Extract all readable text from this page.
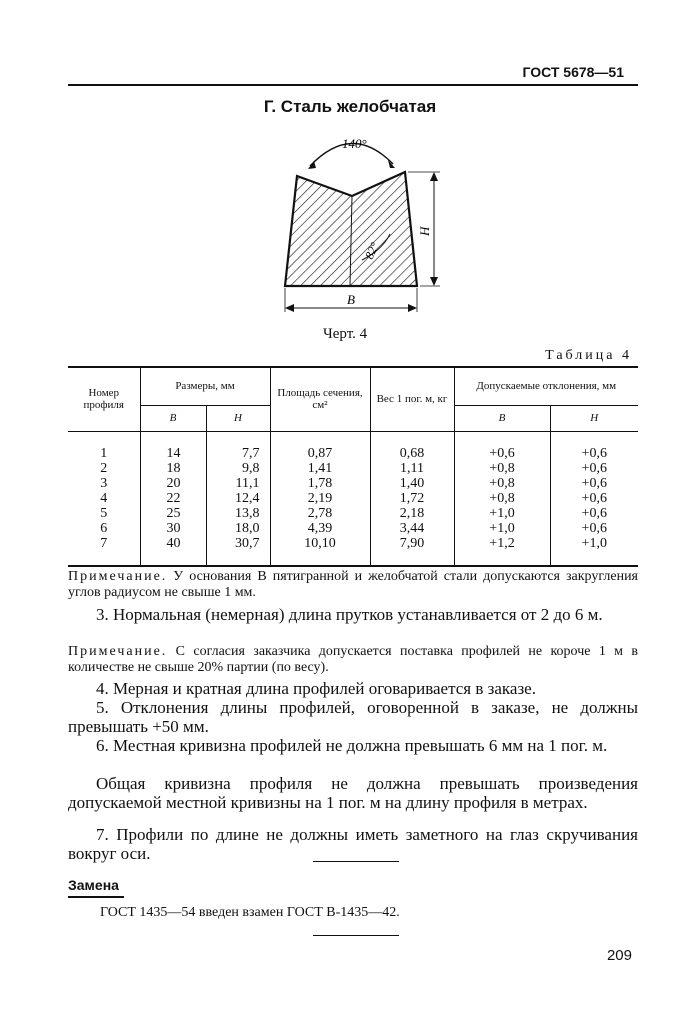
ГОСТ 5678—51
Г. Сталь желобчатая
140°
82°
H
B
Черт. 4
Таблица 4
Номер профиля	Размеры, мм		Площадь сечения, см²	Вес 1 пог. м, кг	Допускаемые отклонения, мм	
	B	H			B	H
1	14	7,7	0,87	0,68	+0,6	+0,6
2	18	9,8	1,41	1,11	+0,8	+0,6
3	20	11,1	1,78	1,40	+0,8	+0,6
4	22	12,4	2,19	1,72	+0,8	+0,6
5	25	13,8	2,78	2,18	+1,0	+0,6
6	30	18,0	4,39	3,44	+1,0	+0,6
7	40	30,7	10,10	7,90	+1,2	+1,0
Примечание. У основания В пятигранной и желобчатой стали допускаются закругления углов радиусом не свыше 1 мм.
3. Нормальная (немерная) длина прутков устанавливается от 2 до 6 м.
Примечание. С согласия заказчика допускается поставка профилей не короче 1 м в количестве не свыше 20% партии (по весу).
4. Мерная и кратная длина профилей оговаривается в заказе.
5. Отклонения длины профилей, оговоренной в заказе, не должны превышать +50 мм.
6. Местная кривизна профилей не должна превышать 6 мм на 1 пог. м.
Общая кривизна профиля не должна превышать произведения допускаемой местной кривизны на 1 пог. м на длину профиля в метрах.
7. Профили по длине не должны иметь заметного на глаз скручивания вокруг оси.
Замена
ГОСТ 1435—54 введен взамен ГОСТ В-1435—42.
209
